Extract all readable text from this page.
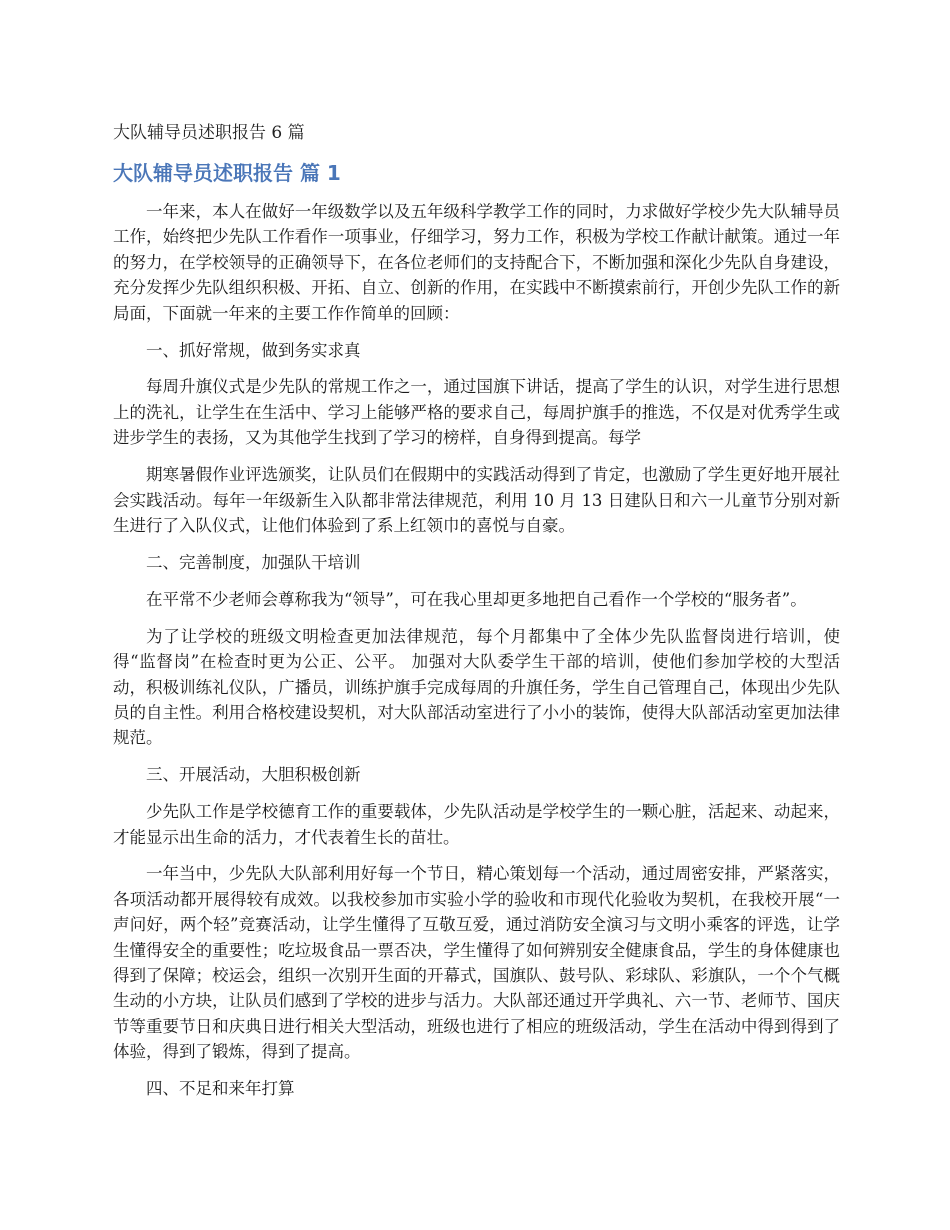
大队辅导员述职报告 6 篇
大队辅导员述职报告 篇 1

一年来，本人在做好一年级数学以及五年级科学教学工作的同时，力求做好学校少先大队辅导员工作，始终把少先队工作看作一项事业，仔细学习，努力工作，积极为学校工作献计献策。通过一年的努力，在学校领导的正确领导下，在各位老师们的支持配合下，不断加强和深化少先队自身建设，充分发挥少先队组织积极、开拓、自立、创新的作用，在实践中不断摸索前行，开创少先队工作的新局面，下面就一年来的主要工作作简单的回顾：

一、抓好常规，做到务实求真

每周升旗仪式是少先队的常规工作之一，通过国旗下讲话，提高了学生的认识，对学生进行思想上的洗礼，让学生在生活中、学习上能够严格的要求自己，每周护旗手的推选，不仅是对优秀学生或进步学生的表扬，又为其他学生找到了学习的榜样，自身得到提高。每学

期寒暑假作业评选颁奖，让队员们在假期中的实践活动得到了肯定，也激励了学生更好地开展社会实践活动。每年一年级新生入队都非常法律规范，利用 10 月 13 日建队日和六一儿童节分别对新生进行了入队仪式，让他们体验到了系上红领巾的喜悦与自豪。

二、完善制度，加强队干培训

在平常不少老师会尊称我为“领导”，可在我心里却更多地把自己看作一个学校的“服务者”。

为了让学校的班级文明检查更加法律规范，每个月都集中了全体少先队监督岗进行培训，使得“监督岗”在检查时更为公正、公平。 加强对大队委学生干部的培训，使他们参加学校的大型活动，积极训练礼仪队，广播员，训练护旗手完成每周的升旗任务，学生自己管理自己，体现出少先队员的自主性。利用合格校建设契机，对大队部活动室进行了小小的装饰，使得大队部活动室更加法律规范。

三、开展活动，大胆积极创新

少先队工作是学校德育工作的重要载体，少先队活动是学校学生的一颗心脏，活起来、动起来，才能显示出生命的活力，才代表着生长的苗壮。

一年当中，少先队大队部利用好每一个节日，精心策划每一个活动，通过周密安排，严紧落实，各项活动都开展得较有成效。以我校参加市实验小学的验收和市现代化验收为契机，在我校开展“一声问好，两个轻”竞赛活动，让学生懂得了互敬互爱，通过消防安全演习与文明小乘客的评选，让学生懂得安全的重要性；吃垃圾食品一票否决，学生懂得了如何辨别安全健康食品，学生的身体健康也得到了保障；校运会，组织一次别开生面的开幕式，国旗队、鼓号队、彩球队、彩旗队，一个个气概生动的小方块，让队员们感到了学校的进步与活力。大队部还通过开学典礼、六一节、老师节、国庆节等重要节日和庆典日进行相关大型活动，班级也进行了相应的班级活动，学生在活动中得到得到了体验，得到了锻炼，得到了提高。

四、不足和来年打算
